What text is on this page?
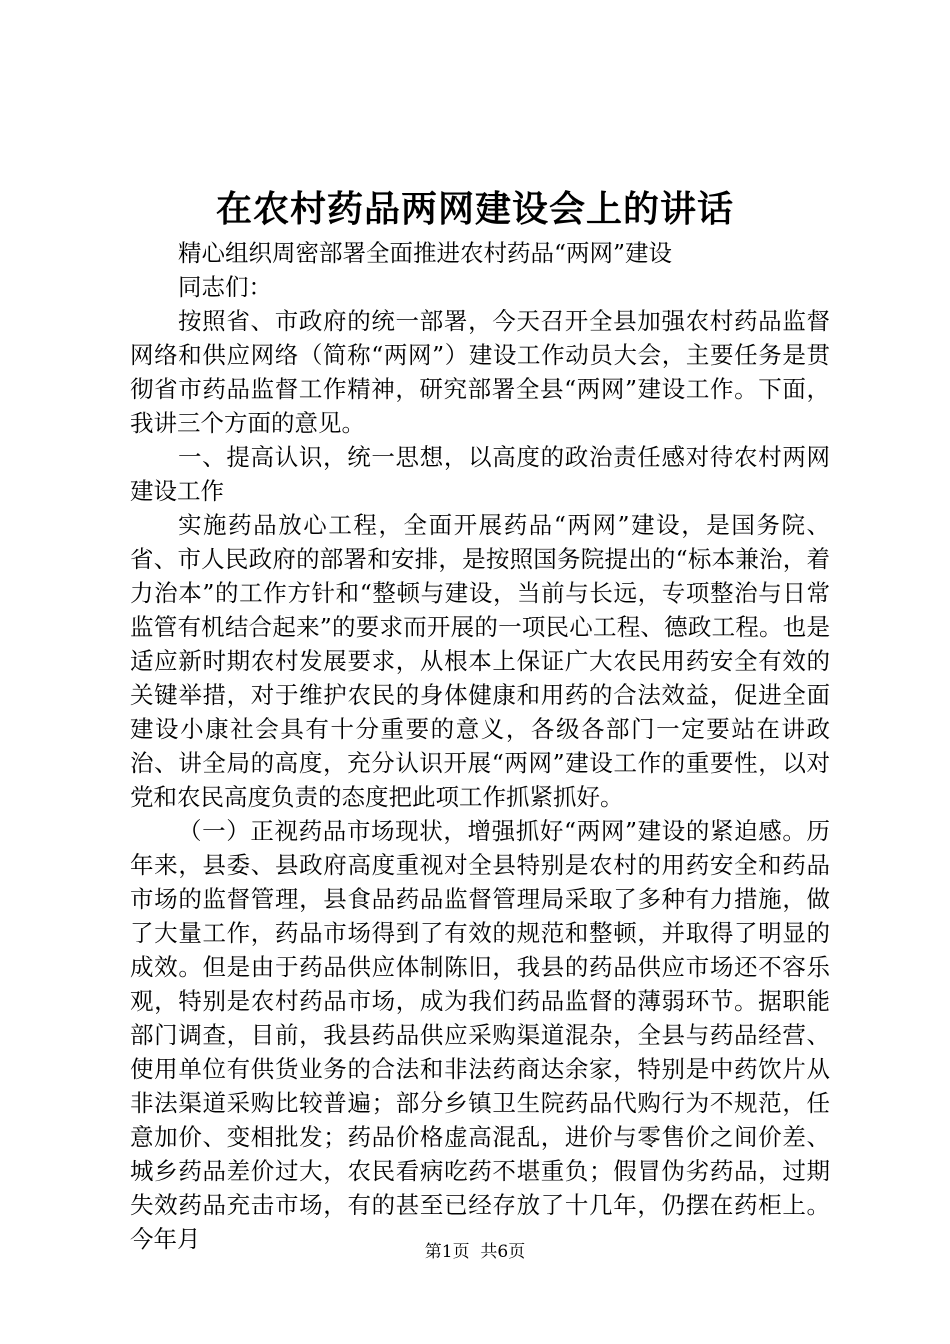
在农村药品两网建设会上的讲话

精心组织周密部署全面推进农村药品“两网”建设

同志们：

按照省、市政府的统一部署，今天召开全县加强农村药品监督网络和供应网络（简称“两网”）建设工作动员大会，主要任务是贯彻省市药品监督工作精神，研究部署全县“两网”建设工作。下面，我讲三个方面的意见。

一、提高认识，统一思想，以高度的政治责任感对待农村两网建设工作

实施药品放心工程，全面开展药品“两网”建设，是国务院、省、市人民政府的部署和安排，是按照国务院提出的“标本兼治，着力治本”的工作方针和“整顿与建设，当前与长远，专项整治与日常监管有机结合起来”的要求而开展的一项民心工程、德政工程。也是适应新时期农村发展要求，从根本上保证广大农民用药安全有效的关键举措，对于维护农民的身体健康和用药的合法效益，促进全面建设小康社会具有十分重要的意义，各级各部门一定要站在讲政治、讲全局的高度，充分认识开展“两网”建设工作的重要性，以对党和农民高度负责的态度把此项工作抓紧抓好。

（一）正视药品市场现状，增强抓好“两网”建设的紧迫感。历年来，县委、县政府高度重视对全县特别是农村的用药安全和药品市场的监督管理，县食品药品监督管理局采取了多种有力措施，做了大量工作，药品市场得到了有效的规范和整顿，并取得了明显的成效。但是由于药品供应体制陈旧，我县的药品供应市场还不容乐观，特别是农村药品市场，成为我们药品监督的薄弱环节。据职能部门调查，目前，我县药品供应采购渠道混杂，全县与药品经营、使用单位有供货业务的合法和非法药商达余家，特别是中药饮片从非法渠道采购比较普遍；部分乡镇卫生院药品代购行为不规范，任意加价、变相批发；药品价格虚高混乱，进价与零售价之间价差、城乡药品差价过大，农民看病吃药不堪重负；假冒伪劣药品，过期失效药品充击市场，有的甚至已经存放了十几年，仍摆在药柜上。今年月	第1页 共6页
